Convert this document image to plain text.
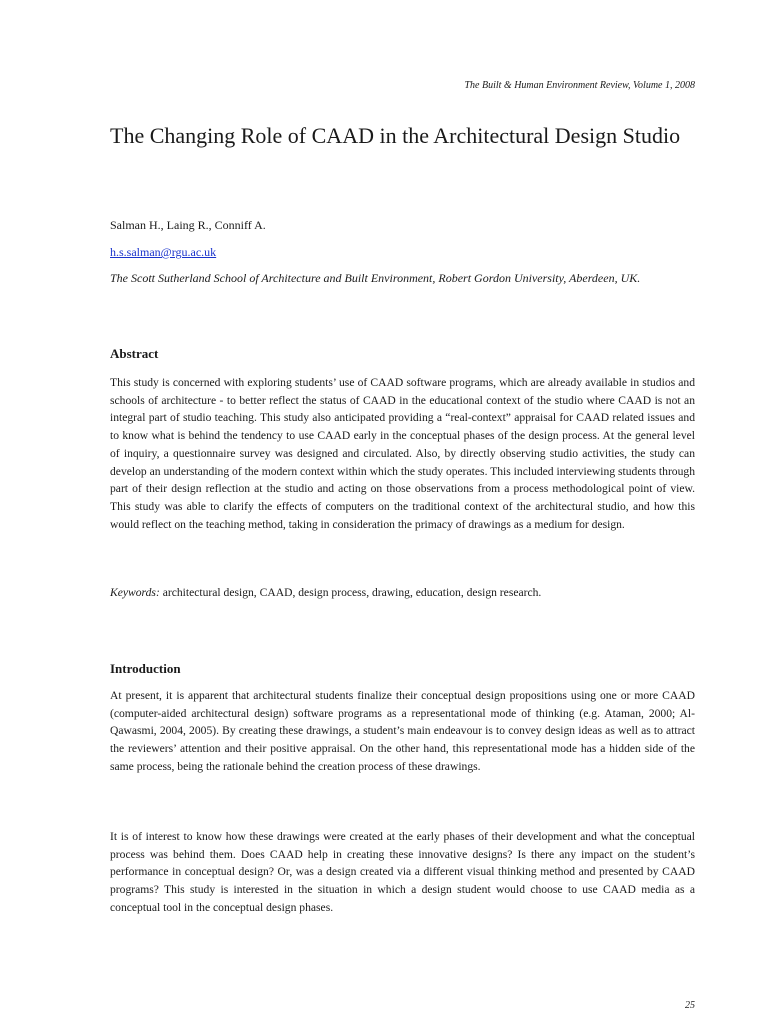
The Built & Human Environment Review, Volume 1, 2008
The Changing Role of CAAD in the Architectural Design Studio
Salman H., Laing R., Conniff A.
h.s.salman@rgu.ac.uk
The Scott Sutherland School of Architecture and Built Environment, Robert Gordon University, Aberdeen, UK.
Abstract

This study is concerned with exploring students’ use of CAAD software programs, which are already available in studios and schools of architecture - to better reflect the status of CAAD in the educational context of the studio where CAAD is not an integral part of studio teaching. This study also anticipated providing a “real-context” appraisal for CAAD related issues and to know what is behind the tendency to use CAAD early in the conceptual phases of the design process. At the general level of inquiry, a questionnaire survey was designed and circulated. Also, by directly observing studio activities, the study can develop an understanding of the modern context within which the study operates. This included interviewing students through part of their design reflection at the studio and acting on those observations from a process methodological point of view. This study was able to clarify the effects of computers on the traditional context of the architectural studio, and how this would reflect on the teaching method, taking in consideration the primacy of drawings as a medium for design.

Keywords: architectural design, CAAD, design process, drawing, education, design research.

Introduction

At present, it is apparent that architectural students finalize their conceptual design propositions using one or more CAAD (computer-aided architectural design) software programs as a representational mode of thinking (e.g. Ataman, 2000; Al-Qawasmi, 2004, 2005). By creating these drawings, a student’s main endeavour is to convey design ideas as well as to attract the reviewers’ attention and their positive appraisal. On the other hand, this representational mode has a hidden side of the same process, being the rationale behind the creation process of these drawings.

It is of interest to know how these drawings were created at the early phases of their development and what the conceptual process was behind them. Does CAAD help in creating these innovative designs? Is there any impact on the student’s performance in conceptual design? Or, was a design created via a different visual thinking method and presented by CAAD programs? This study is interested in the situation in which a design student would choose to use CAAD media as a conceptual tool in the conceptual design phases.

25
